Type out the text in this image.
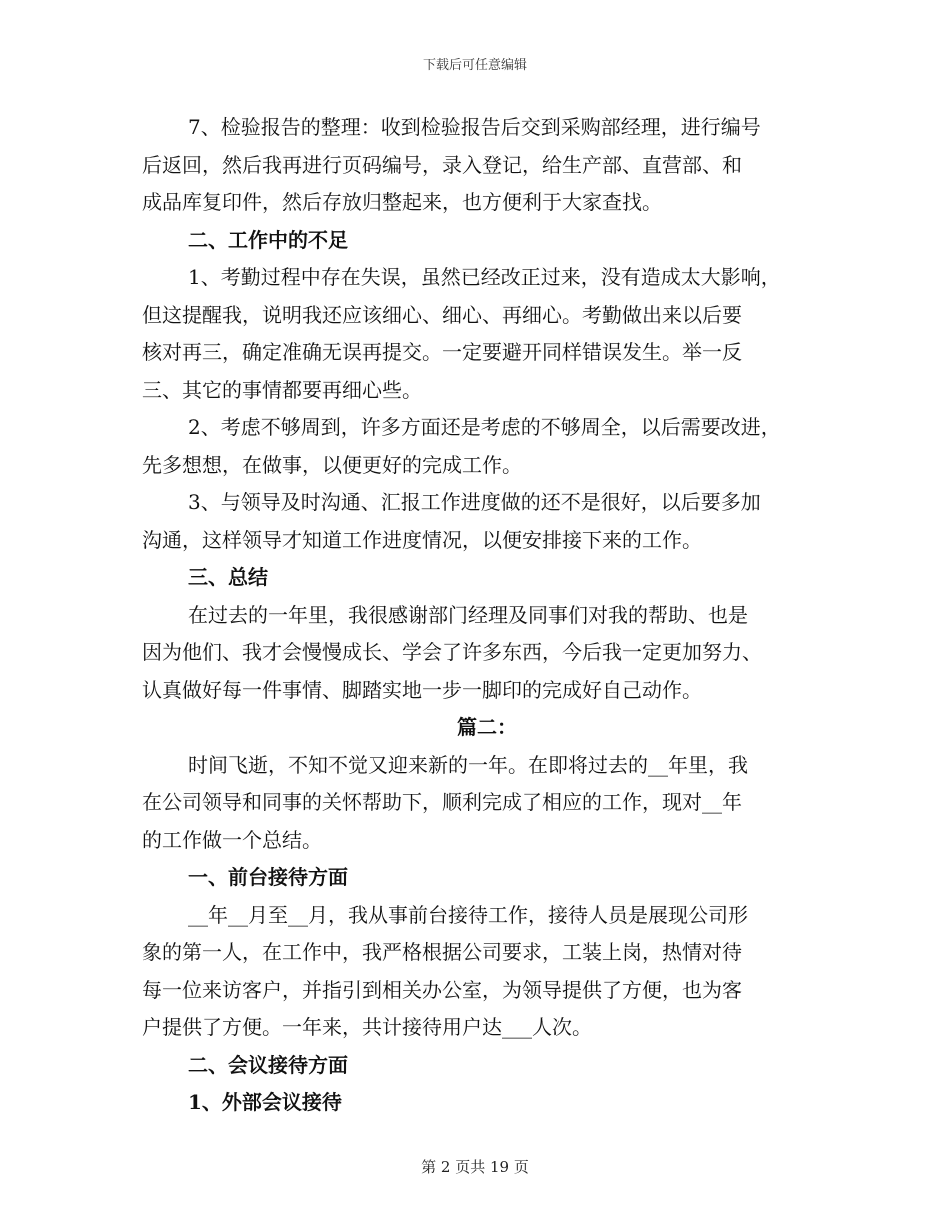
下载后可任意编辑
7、检验报告的整理：收到检验报告后交到采购部经理，进行编号
后返回，然后我再进行页码编号，录入登记，给生产部、直营部、和
成品库复印件，然后存放归整起来，也方便利于大家查找。
二、工作中的不足
1、考勤过程中存在失误，虽然已经改正过来，没有造成太大影响，
但这提醒我，说明我还应该细心、细心、再细心。考勤做出来以后要
核对再三，确定准确无误再提交。一定要避开同样错误发生。举一反
三、其它的事情都要再细心些。
2、考虑不够周到，许多方面还是考虑的不够周全，以后需要改进，
先多想想，在做事，以便更好的完成工作。
3、与领导及时沟通、汇报工作进度做的还不是很好，以后要多加
沟通，这样领导才知道工作进度情况，以便安排接下来的工作。
三、总结
在过去的一年里，我很感谢部门经理及同事们对我的帮助、也是
因为他们、我才会慢慢成长、学会了许多东西，今后我一定更加努力、
认真做好每一件事情、脚踏实地一步一脚印的完成好自己动作。
篇二：
时间飞逝，不知不觉又迎来新的一年。在即将过去的__年里，我
在公司领导和同事的关怀帮助下，顺利完成了相应的工作，现对__年
的工作做一个总结。
一、前台接待方面
__年__月至__月，我从事前台接待工作，接待人员是展现公司形
象的第一人，在工作中，我严格根据公司要求，工装上岗，热情对待
每一位来访客户，并指引到相关办公室，为领导提供了方便，也为客
户提供了方便。一年来，共计接待用户达___人次。
二、会议接待方面
1、外部会议接待
第 2 页共 19 页
